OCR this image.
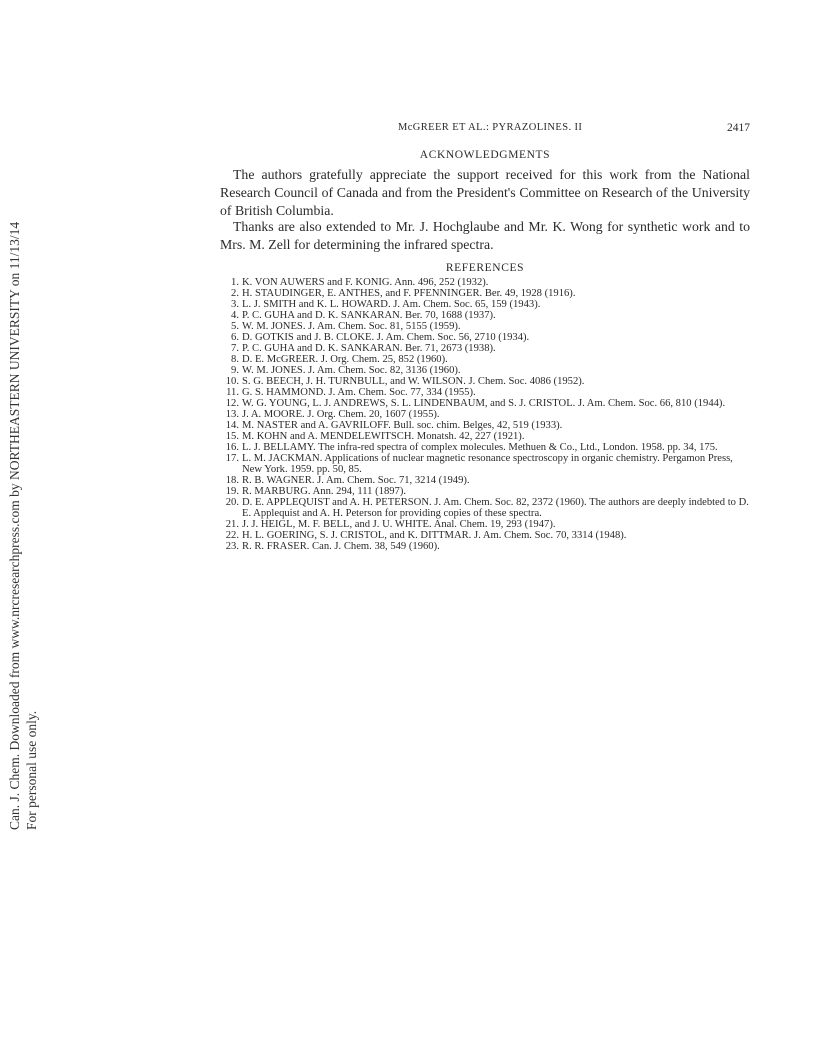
Can. J. Chem. Downloaded from www.nrcresearchpress.com by NORTHEASTERN UNIVERSITY on 11/13/14 For personal use only.
McGREER ET AL.: PYRAZOLINES. II	2417
ACKNOWLEDGMENTS
The authors gratefully appreciate the support received for this work from the National Research Council of Canada and from the President's Committee on Research of the University of British Columbia.
Thanks are also extended to Mr. J. Hochglaube and Mr. K. Wong for synthetic work and to Mrs. M. Zell for determining the infrared spectra.
REFERENCES
1. K. VON AUWERS and F. KONIG. Ann. 496, 252 (1932).
2. H. STAUDINGER, E. ANTHES, and F. PFENNINGER. Ber. 49, 1928 (1916).
3. L. J. SMITH and K. L. HOWARD. J. Am. Chem. Soc. 65, 159 (1943).
4. P. C. GUHA and D. K. SANKARAN. Ber. 70, 1688 (1937).
5. W. M. JONES. J. Am. Chem. Soc. 81, 5155 (1959).
6. D. GOTKIS and J. B. CLOKE. J. Am. Chem. Soc. 56, 2710 (1934).
7. P. C. GUHA and D. K. SANKARAN. Ber. 71, 2673 (1938).
8. D. E. McGREER. J. Org. Chem. 25, 852 (1960).
9. W. M. JONES. J. Am. Chem. Soc. 82, 3136 (1960).
10. S. G. BEECH, J. H. TURNBULL, and W. WILSON. J. Chem. Soc. 4086 (1952).
11. G. S. HAMMOND. J. Am. Chem. Soc. 77, 334 (1955).
12. W. G. YOUNG, L. J. ANDREWS, S. L. LINDENBAUM, and S. J. CRISTOL. J. Am. Chem. Soc. 66, 810 (1944).
13. J. A. MOORE. J. Org. Chem. 20, 1607 (1955).
14. M. NASTER and A. GAVRILOFF. Bull. soc. chim. Belges, 42, 519 (1933).
15. M. KOHN and A. MENDELEWITSCH. Monatsh. 42, 227 (1921).
16. L. J. BELLAMY. The infra-red spectra of complex molecules. Methuen & Co., Ltd., London. 1958. pp. 34, 175.
17. L. M. JACKMAN. Applications of nuclear magnetic resonance spectroscopy in organic chemistry. Pergamon Press, New York. 1959. pp. 50, 85.
18. R. B. WAGNER. J. Am. Chem. Soc. 71, 3214 (1949).
19. R. MARBURG. Ann. 294, 111 (1897).
20. D. E. APPLEQUIST and A. H. PETERSON. J. Am. Chem. Soc. 82, 2372 (1960). The authors are deeply indebted to D. E. Applequist and A. H. Peterson for providing copies of these spectra.
21. J. J. HEIGL, M. F. BELL, and J. U. WHITE. Anal. Chem. 19, 293 (1947).
22. H. L. GOERING, S. J. CRISTOL, and K. DITTMAR. J. Am. Chem. Soc. 70, 3314 (1948).
23. R. R. FRASER. Can. J. Chem. 38, 549 (1960).
